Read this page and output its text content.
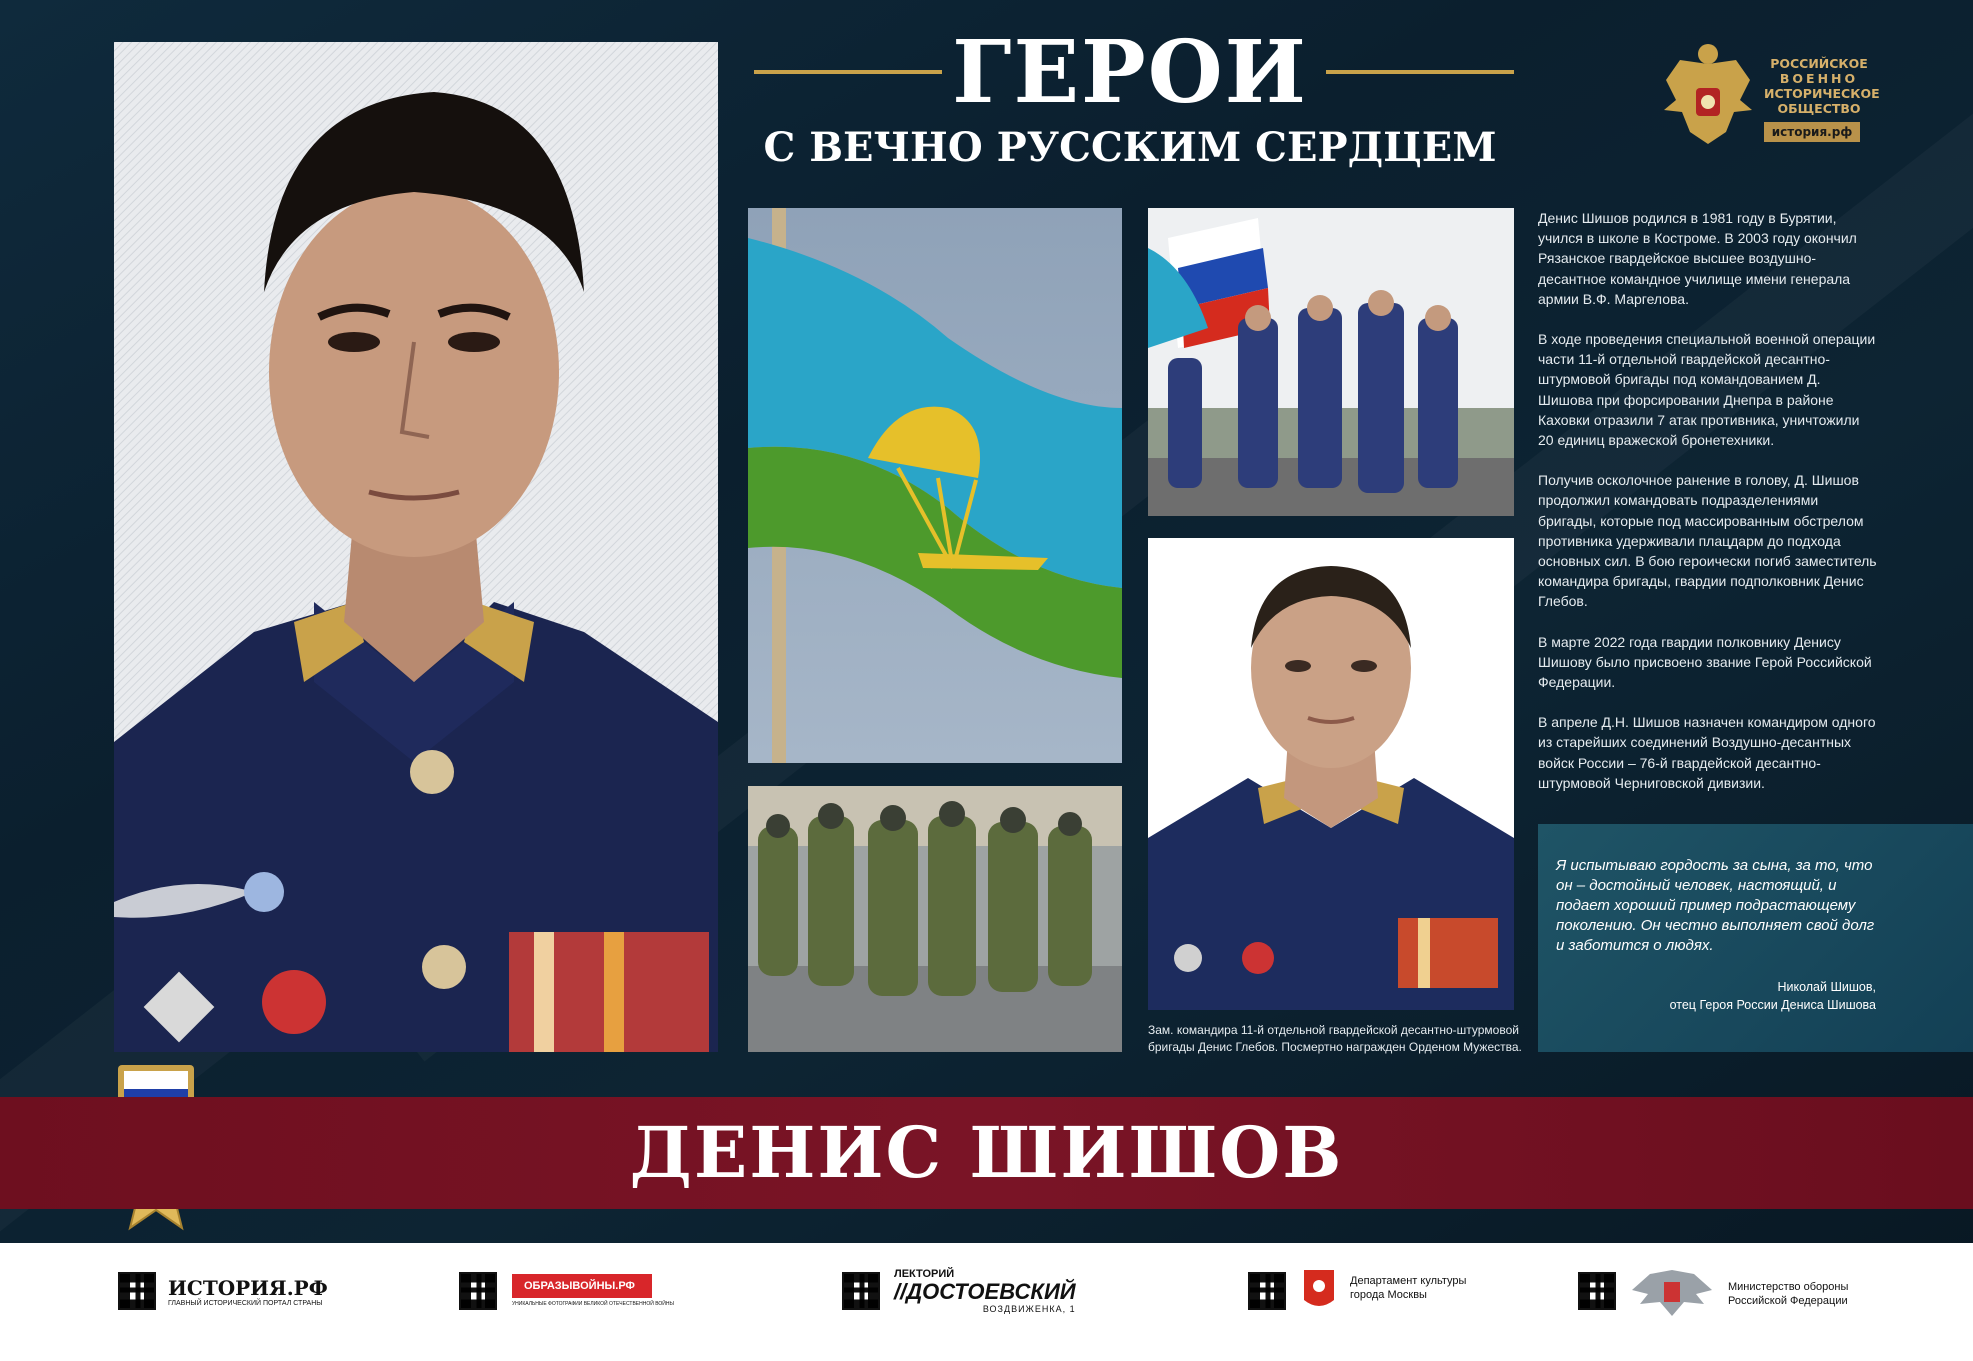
ГЕРОИ
С ВЕЧНО РУССКИМ СЕРДЦЕМ
РОССИЙСКОЕ
ВОЕННО
ИСТОРИЧЕСКОЕ
ОБЩЕСТВО
история.рф
Зам. командира 11-й отдельной гвардейской десантно-штурмовой бригады Денис Глебов. Посмертно награжден Орденом Мужества.

Денис Шишов родился в 1981 году в Бурятии, учился в школе в Костроме. В 2003 году окончил Рязанское гвардейское высшее воздушно-десантное командное училище имени генерала армии В.Ф. Маргелова.

В ходе проведения специальной военной операции части 11-й отдельной гвардейской десантно-штурмовой бригады под командованием Д. Шишова при форсировании Днепра в районе Каховки отразили 7 атак противника, уничтожили 20 единиц вражеской бронетехники.

Получив осколочное ранение в голову, Д. Шишов продолжил командовать подразделениями бригады, которые под массированным обстрелом противника удерживали плацдарм до подхода основных сил. В бою героически погиб заместитель командира бригады, гвардии подполковник Денис Глебов.

В марте 2022 года гвардии полковнику Денису Шишову было присвоено звание Герой Российской Федерации.

В апреле Д.Н. Шишов назначен командиром одного из старейших соединений Воздушно-десантных войск России – 76-й гвардейской десантно-штурмовой Черниговской дивизии.

Я испытываю гордость за сына, за то, что он – достойный человек, настоящий, и подает хороший пример подрастающему поколению. Он честно выполняет свой долг и заботится о людях.
Николай Шишов,
отец Героя России Дениса Шишова
ДЕНИС ШИШОВ
ИСТОРИЯ.РФ
ГЛАВНЫЙ ИСТОРИЧЕСКИЙ ПОРТАЛ СТРАНЫ
ОБРАЗЫВОЙНЫ.РФ
УНИКАЛЬНЫЕ ФОТОГРАФИИ ВЕЛИКОЙ ОТЕЧЕСТВЕННОЙ ВОЙНЫ
ЛЕКТОРИЙ
//ДОСТОЕВСКИЙ
ВОЗДВИЖЕНКА, 1
Департамент культуры города Москвы
Министерство обороны Российской Федерации
